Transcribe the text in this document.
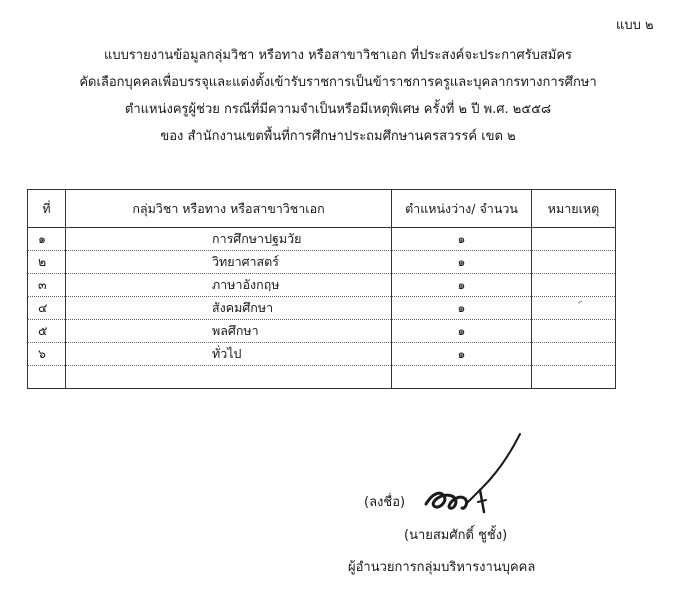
แบบ ๒
แบบรายงานข้อมูลกลุ่มวิชา หรือทาง หรือสาขาวิชาเอก ที่ประสงค์จะประกาศรับสมัคร
คัดเลือกบุคคลเพื่อบรรจุและแต่งตั้งเข้ารับราชการเป็นข้าราชการครูและบุคลากรทางการศึกษา
ตำแหน่งครูผู้ช่วย กรณีที่มีความจำเป็นหรือมีเหตุพิเศษ ครั้งที่ ๒ ปี พ.ศ. ๒๕๕๘
ของ สำนักงานเขตพื้นที่การศึกษาประถมศึกษานครสวรรค์ เขต ๒
ที่	กลุ่มวิชา หรือทาง หรือสาขาวิชาเอก	ตำแหน่งว่าง/ จำนวน	หมายเหตุ
๑	การศึกษาปฐมวัย	๑	
๒	วิทยาศาสตร์	๑	
๓	ภาษาอังกฤษ	๑	
๔	สังคมศึกษา	๑	
๕	พลศึกษา	๑	
๖	ทั่วไป	๑	

(ลงชื่อ)
(นายสมศักดิ์ ชูชั้ง)
ผู้อำนวยการกลุ่มบริหารงานบุคคล
